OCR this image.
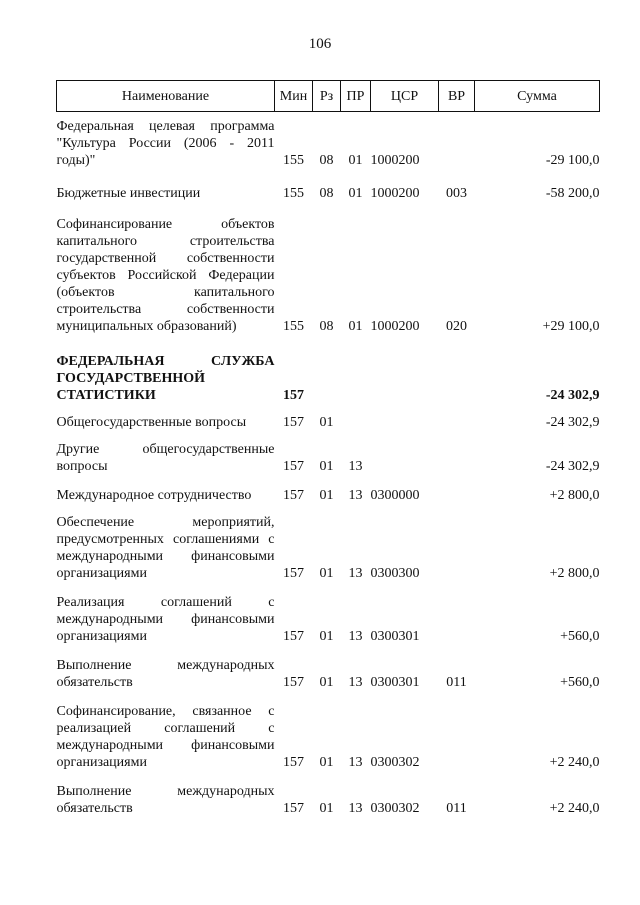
106
Наименование	Мин	Рз	ПР	ЦСР	ВР	Сумма
Федеральная целевая программа "Культура России (2006 - 2011 годы)"	155	08	01	1000200		-29 100,0
Бюджетные инвестиции	155	08	01	1000200	003	-58 200,0
Софинансирование объектов капитального строительства государственной собственности субъектов Российской Федерации (объектов капитального строительства собственности муниципальных образований)	155	08	01	1000200	020	+29 100,0
ФЕДЕРАЛЬНАЯ СЛУЖБА ГОСУДАРСТВЕННОЙ СТАТИСТИКИ	157					-24 302,9
Общегосударственные вопросы	157	01				-24 302,9
Другие общегосударственные вопросы	157	01	13			-24 302,9
Международное сотрудничество	157	01	13	0300000		+2 800,0
Обеспечение мероприятий, предусмотренных соглашениями с международными финансовыми организациями	157	01	13	0300300		+2 800,0
Реализация соглашений с международными финансовыми организациями	157	01	13	0300301		+560,0
Выполнение международных обязательств	157	01	13	0300301	011	+560,0
Софинансирование, связанное с реализацией соглашений с международными финансовыми организациями	157	01	13	0300302		+2 240,0
Выполнение международных обязательств	157	01	13	0300302	011	+2 240,0
